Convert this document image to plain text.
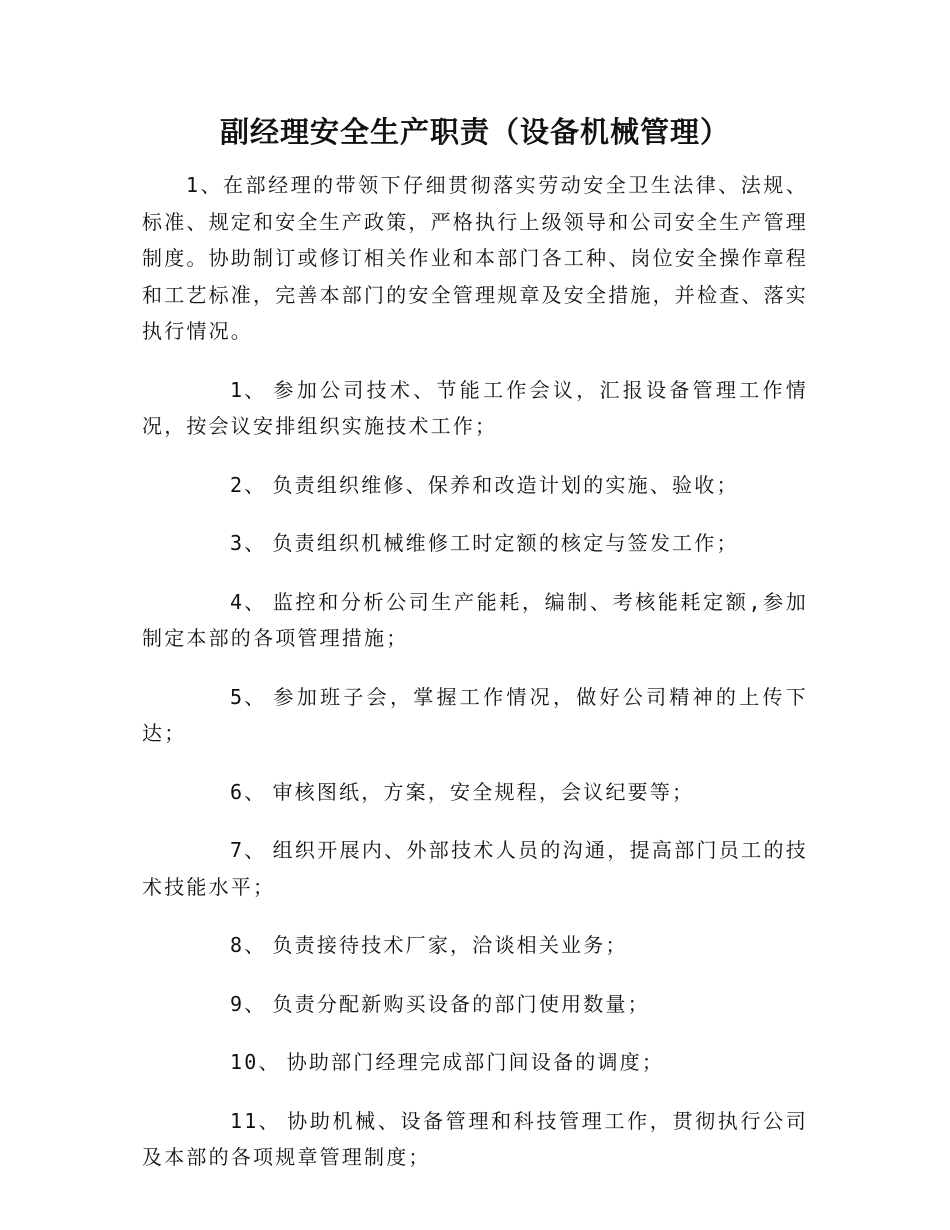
副经理安全生产职责（设备机械管理）

1、在部经理的带领下仔细贯彻落实劳动安全卫生法律、法规、标准、规定和安全生产政策，严格执行上级领导和公司安全生产管理制度。协助制订或修订相关作业和本部门各工种、岗位安全操作章程和工艺标准，完善本部门的安全管理规章及安全措施，并检查、落实执行情况。

1、 参加公司技术、节能工作会议，汇报设备管理工作情况，按会议安排组织实施技术工作；

2、 负责组织维修、保养和改造计划的实施、验收；

3、 负责组织机械维修工时定额的核定与签发工作；

4、 监控和分析公司生产能耗，编制、考核能耗定额,参加制定本部的各项管理措施；

5、 参加班子会，掌握工作情况，做好公司精神的上传下达；

6、 审核图纸，方案，安全规程，会议纪要等；

7、 组织开展内、外部技术人员的沟通，提高部门员工的技术技能水平；

8、 负责接待技术厂家，洽谈相关业务；

9、 负责分配新购买设备的部门使用数量；

10、 协助部门经理完成部门间设备的调度；

11、 协助机械、设备管理和科技管理工作，贯彻执行公司及本部的各项规章管理制度；
